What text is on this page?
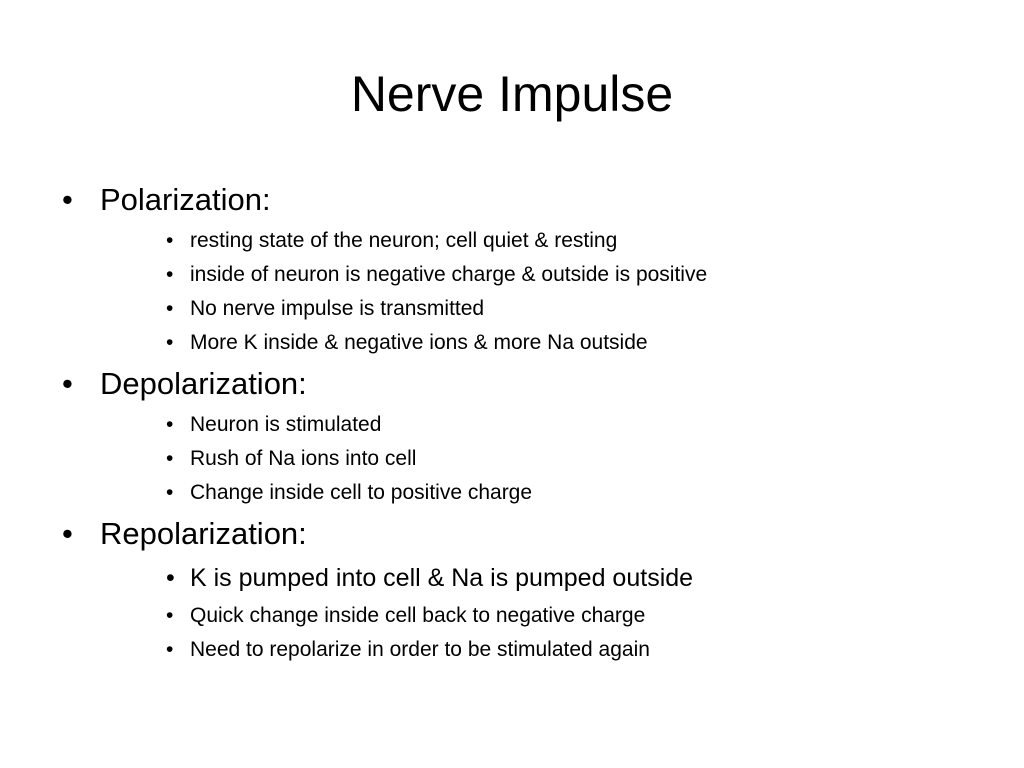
Nerve Impulse
• Polarization:
• resting state of the neuron; cell quiet & resting
• inside of neuron is negative charge & outside is positive
• No nerve impulse is transmitted
• More K inside & negative ions & more Na outside
• Depolarization:
• Neuron is stimulated
• Rush of Na ions into cell
• Change inside cell to positive charge
• Repolarization:
• K is pumped into cell & Na is pumped outside
• Quick change inside cell back to negative charge
• Need to repolarize in order to be stimulated again
